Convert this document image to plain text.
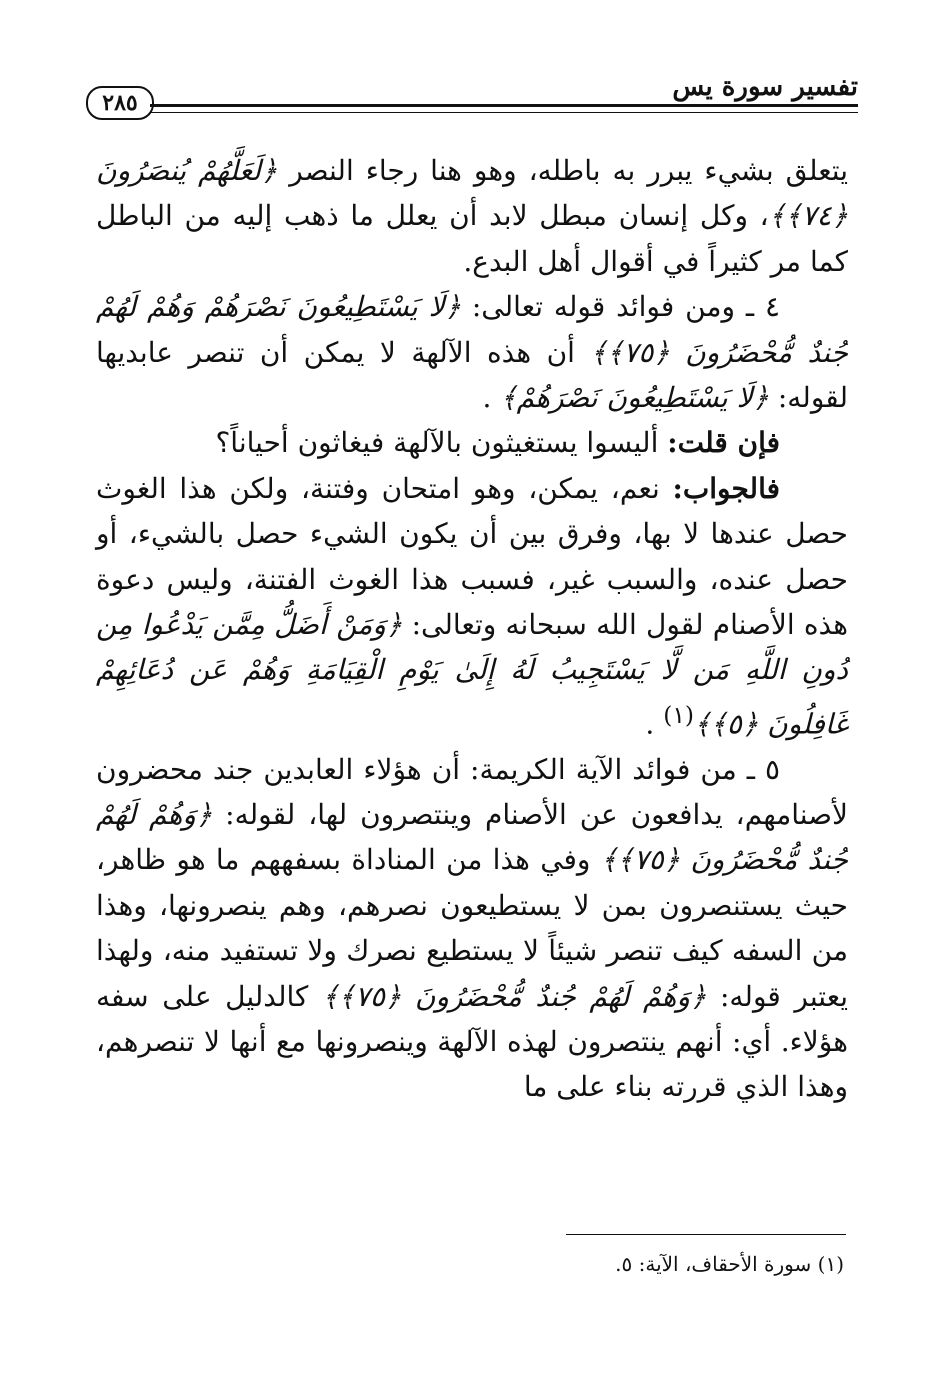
٢٨٥
تفسير سورة يس

يتعلق بشيء يبرر به باطله، وهو هنا رجاء النصر ﴿لَعَلَّهُمْ يُنصَرُونَ ﴿٧٤﴾﴾، وكل إنسان مبطل لابد أن يعلل ما ذهب إليه من الباطل كما مر كثيراً في أقوال أهل البدع.

٤ ـ ومن فوائد قوله تعالى: ﴿لَا يَسْتَطِيعُونَ نَصْرَهُمْ وَهُمْ لَهُمْ جُندٌ مُّحْضَرُونَ ﴿٧٥﴾﴾ أن هذه الآلهة لا يمكن أن تنصر عابديها لقوله: ﴿لَا يَسْتَطِيعُونَ نَصْرَهُمْ﴾ .

فإن قلت: أليسوا يستغيثون بالآلهة فيغاثون أحياناً؟

فالجواب: نعم، يمكن، وهو امتحان وفتنة، ولكن هذا الغوث حصل عندها لا بها، وفرق بين أن يكون الشيء حصل بالشيء، أو حصل عنده، والسبب غير، فسبب هذا الغوث الفتنة، وليس دعوة هذه الأصنام لقول الله سبحانه وتعالى: ﴿وَمَنْ أَضَلُّ مِمَّن يَدْعُوا مِن دُونِ اللَّهِ مَن لَّا يَسْتَجِيبُ لَهُ إِلَىٰ يَوْمِ الْقِيَامَةِ وَهُمْ عَن دُعَائِهِمْ غَافِلُونَ ﴿٥﴾﴾$^{(١)}$ .

٥ ـ من فوائد الآية الكريمة: أن هؤلاء العابدين جند محضرون لأصنامهم، يدافعون عن الأصنام وينتصرون لها، لقوله: ﴿وَهُمْ لَهُمْ جُندٌ مُّحْضَرُونَ ﴿٧٥﴾﴾ وفي هذا من المناداة بسفههم ما هو ظاهر، حيث يستنصرون بمن لا يستطيعون نصرهم، وهم ينصرونها، وهذا من السفه كيف تنصر شيئاً لا يستطيع نصرك ولا تستفيد منه، ولهذا يعتبر قوله: ﴿وَهُمْ لَهُمْ جُندٌ مُّحْضَرُونَ ﴿٧٥﴾﴾ كالدليل على سفه هؤلاء. أي: أنهم ينتصرون لهذه الآلهة وينصرونها مع أنها لا تنصرهم، وهذا الذي قررته بناء على ما

(١) سورة الأحقاف، الآية: ٥.
